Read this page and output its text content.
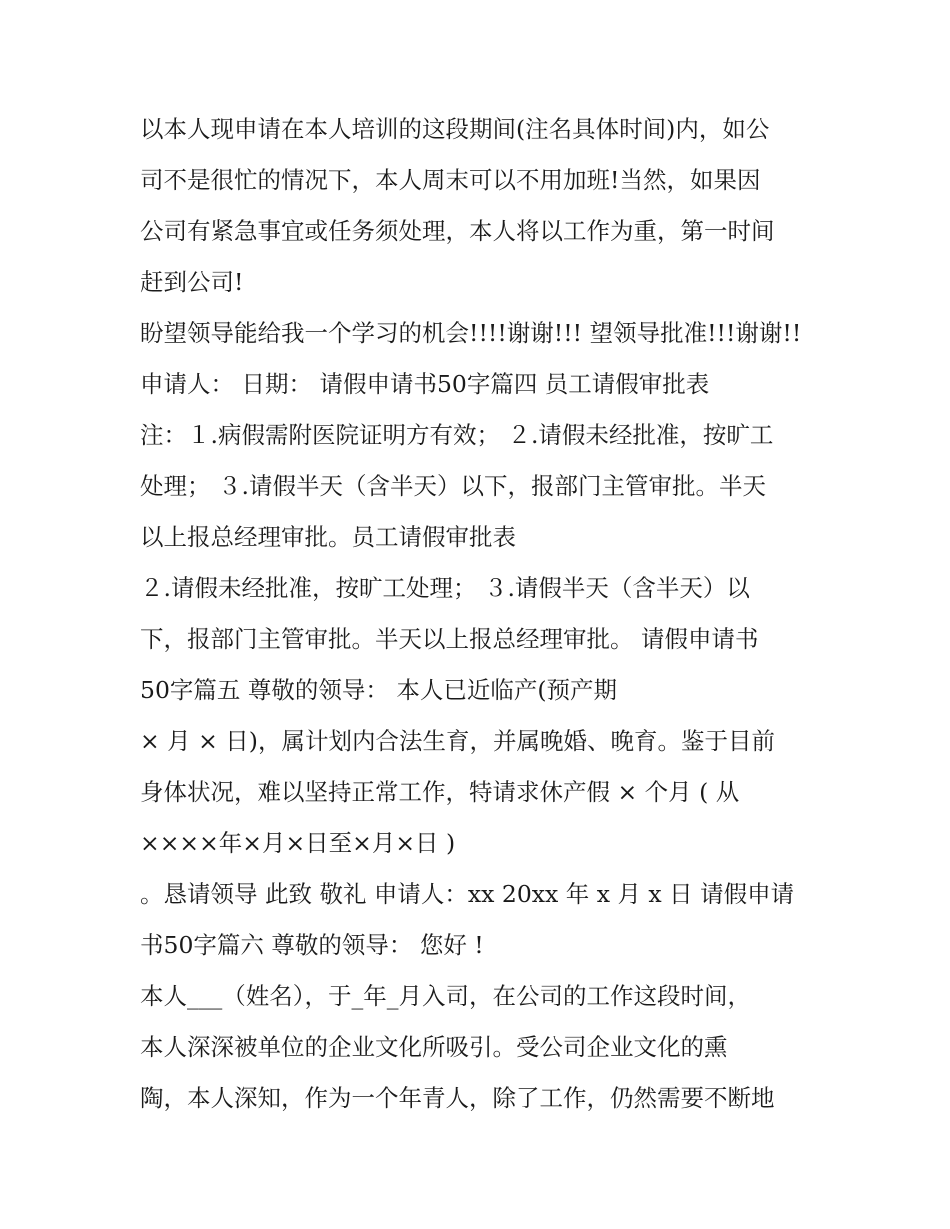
以本人现申请在本人培训的这段期间(注名具体时间)内，如公
司不是很忙的情况下，本人周末可以不用加班!当然，如果因
公司有紧急事宜或任务须处理，本人将以工作为重，第一时间
赶到公司!
盼望领导能给我一个学习的机会!!!!谢谢!!! 望领导批准!!!谢谢!!
申请人： 日期： 请假申请书50字篇四 员工请假审批表
注：１.病假需附医院证明方有效； ２.请假未经批准，按旷工
处理； ３.请假半天（含半天）以下，报部门主管审批。半天
以上报总经理审批。员工请假审批表
２.请假未经批准，按旷工处理； ３.请假半天（含半天）以
下，报部门主管审批。半天以上报总经理审批。 请假申请书
50字篇五 尊敬的领导： 本人已近临产(预产期
× 月 × 日)，属计划内合法生育，并属晚婚、晚育。鉴于目前
身体状况，难以坚持正常工作，特请求休产假 × 个月 ( 从
××××年×月×日至×月×日 )
。恳请领导 此致 敬礼 申请人：xx 20xx 年 x 月 x 日 请假申请
书50字篇六 尊敬的领导： 您好 !
本人___（姓名），于_年_月入司，在公司的工作这段时间，
本人深深被单位的企业文化所吸引。受公司企业文化的熏
陶，本人深知，作为一个年青人，除了工作，仍然需要不断地
